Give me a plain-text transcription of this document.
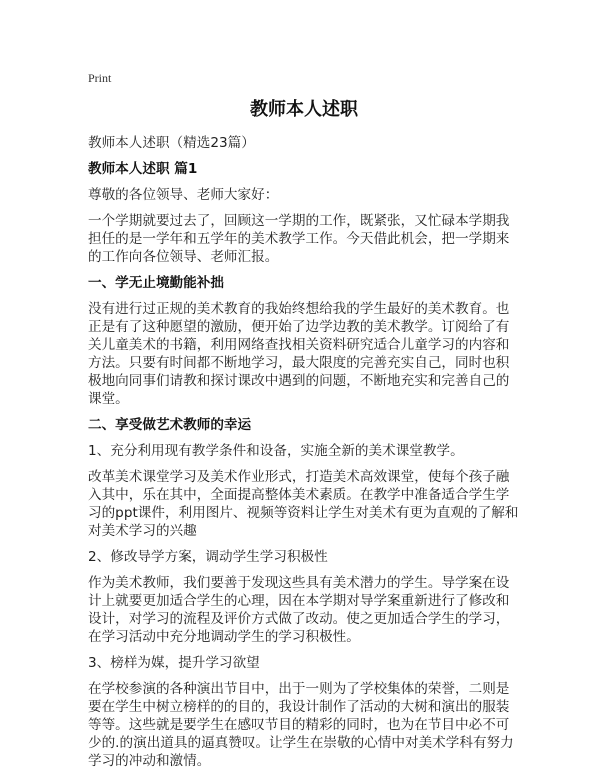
Print
教师本人述职

教师本人述职（精选23篇）

教师本人述职 篇1

尊敬的各位领导、老师大家好：

一个学期就要过去了，回顾这一学期的工作，既紧张，又忙碌本学期我担任的是一学年和五学年的美术教学工作。今天借此机会，把一学期来的工作向各位领导、老师汇报。

一、学无止境勤能补拙

没有进行过正规的美术教育的我始终想给我的学生最好的美术教育。也正是有了这种愿望的激励，便开始了边学边教的美术教学。订阅给了有关儿童美术的书籍，利用网络查找相关资料研究适合儿童学习的内容和方法。只要有时间都不断地学习，最大限度的完善充实自己，同时也积极地向同事们请教和探讨课改中遇到的问题，不断地充实和完善自己的课堂。

二、享受做艺术教师的幸运

1、充分利用现有教学条件和设备，实施全新的美术课堂教学。

改革美术课堂学习及美术作业形式，打造美术高效课堂，使每个孩子融入其中，乐在其中，全面提高整体美术素质。在教学中准备适合学生学习的ppt课件，利用图片、视频等资料让学生对美术有更为直观的了解和对美术学习的兴趣

2、修改导学方案，调动学生学习积极性

作为美术教师，我们要善于发现这些具有美术潜力的学生。导学案在设计上就要更加适合学生的心理，因在本学期对导学案重新进行了修改和设计，对学习的流程及评价方式做了改动。使之更加适合学生的学习，在学习活动中充分地调动学生的学习积极性。

3、榜样为媒，提升学习欲望

在学校参演的各种演出节目中，出于一则为了学校集体的荣誉，二则是要在学生中树立榜样的的目的，我设计制作了活动的大树和演出的服装等等。这些就是要学生在感叹节目的精彩的同时，也为在节目中必不可少的.的演出道具的逼真赞叹。让学生在崇敬的心情中对美术学科有努力学习的冲动和激情。
